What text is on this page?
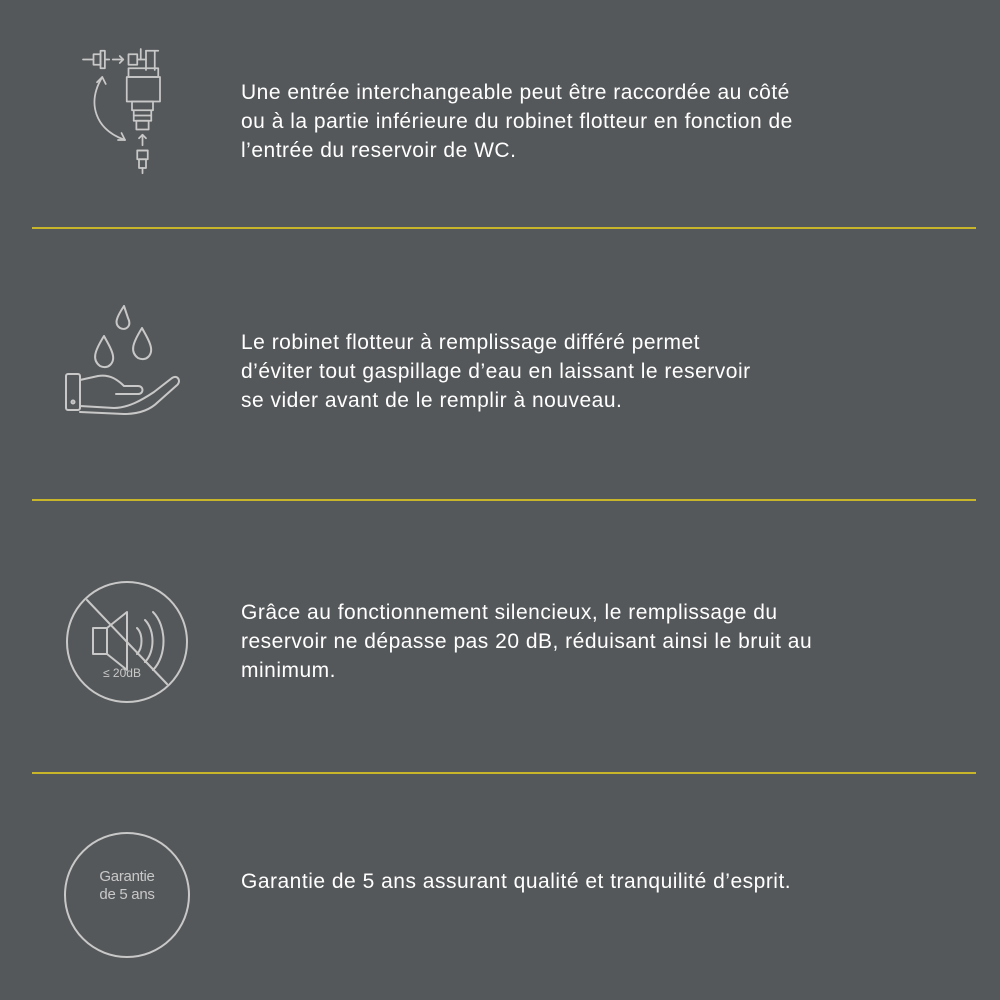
Une entrée interchangeable peut être raccordée au côté
ou à la partie inférieure du robinet flotteur en fonction de
l’entrée du reservoir de WC.
Le robinet flotteur à remplissage différé permet
d’éviter tout gaspillage d’eau en laissant le reservoir
se vider avant de le remplir à nouveau.
≤ 20dB
Grâce au fonctionnement silencieux, le remplissage du
reservoir ne dépasse pas 20 dB, réduisant ainsi le bruit au
minimum.
Garantie
de 5 ans
Garantie de 5 ans assurant qualité et tranquilité d’esprit.
